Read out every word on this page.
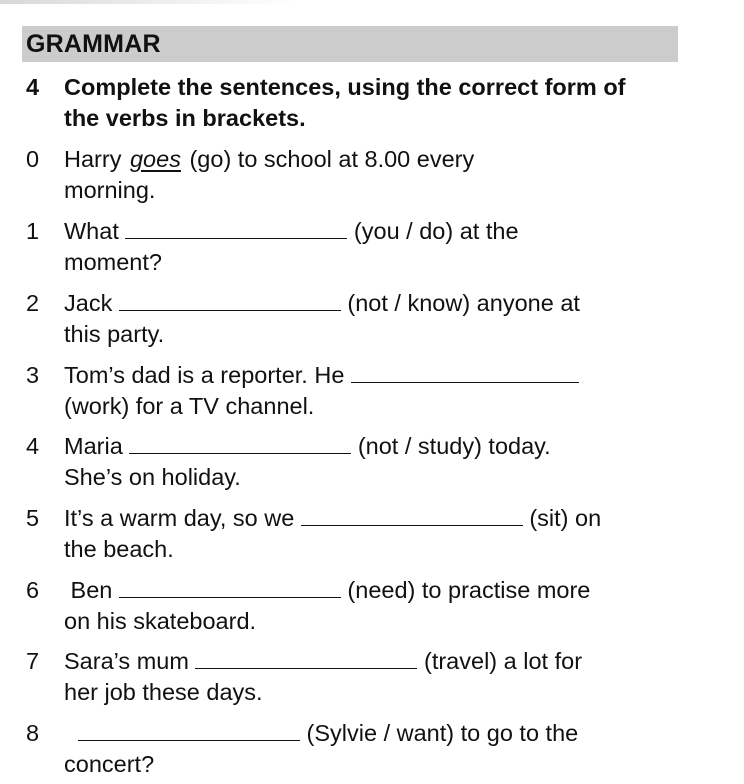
GRAMMAR
4 Complete the sentences, using the correct form of the verbs in brackets.
0 Harry goes (go) to school at 8.00 every
morning.
1 What	(you / do) at the
moment?
2 Jack	(not / know) anyone at
this party.
3 Tom’s dad is a reporter. He
(work) for a TV channel.
4 Maria	(not / study) today.
She’s on holiday.
5 It’s a warm day, so we	(sit) on
the beach.
6 Ben	(need) to practise more
on his skateboard.
7 Sara’s mum	(travel) a lot for
her job these days.
8	(Sylvie / want) to go to the
concert?
